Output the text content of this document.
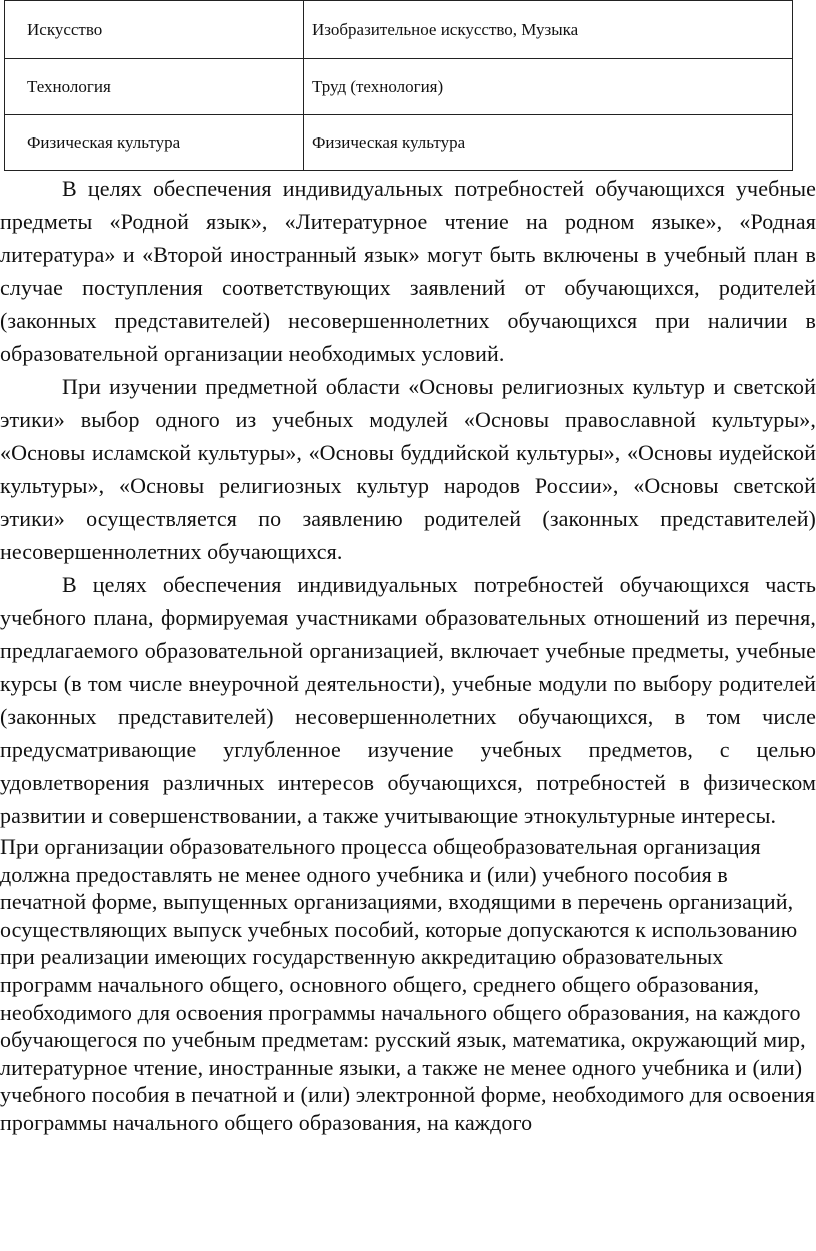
Искусство	Изобразительное искусство, Музыка
Технология	Труд (технология)
Физическая культура	Физическая культура

В целях обеспечения индивидуальных потребностей обучающихся учебные предметы «Родной язык», «Литературное чтение на родном языке», «Родная литература» и «Второй иностранный язык» могут быть включены в учебный план в случае поступления соответствующих заявлений от обучающихся, родителей (законных представителей) несовершеннолетних обучающихся при наличии в образовательной организации необходимых условий.

При изучении предметной области «Основы религиозных культур и светской этики» выбор одного из учебных модулей «Основы православной культуры», «Основы исламской культуры», «Основы буддийской культуры», «Основы иудейской культуры», «Основы религиозных культур народов России», «Основы светской этики» осуществляется по заявлению родителей (законных представителей) несовершеннолетних обучающихся.

В целях обеспечения индивидуальных потребностей обучающихся часть учебного плана, формируемая участниками образовательных отношений из перечня, предлагаемого образовательной организацией, включает учебные предметы, учебные курсы (в том числе внеурочной деятельности), учебные модули по выбору родителей (законных представителей) несовершеннолетних обучающихся, в том числе предусматривающие углубленное изучение учебных предметов, с целью удовлетворения различных интересов обучающихся, потребностей в физическом развитии и совершенствовании, а также учитывающие этнокультурные интересы.

При организации образовательного процесса общеобразовательная организация должна предоставлять не менее одного учебника и (или) учебного пособия в печатной форме, выпущенных организациями, входящими в перечень организаций, осуществляющих выпуск учебных пособий, которые допускаются к использованию при реализации имеющих государственную аккредитацию образовательных программ начального общего, основного общего, среднего общего образования, необходимого для освоения программы начального общего образования, на каждого обучающегося по учебным предметам: русский язык, математика, окружающий мир, литературное чтение, иностранные языки, а также не менее одного учебника и (или) учебного пособия в печатной и (или) электронной форме, необходимого для освоения программы начального общего образования, на каждого
